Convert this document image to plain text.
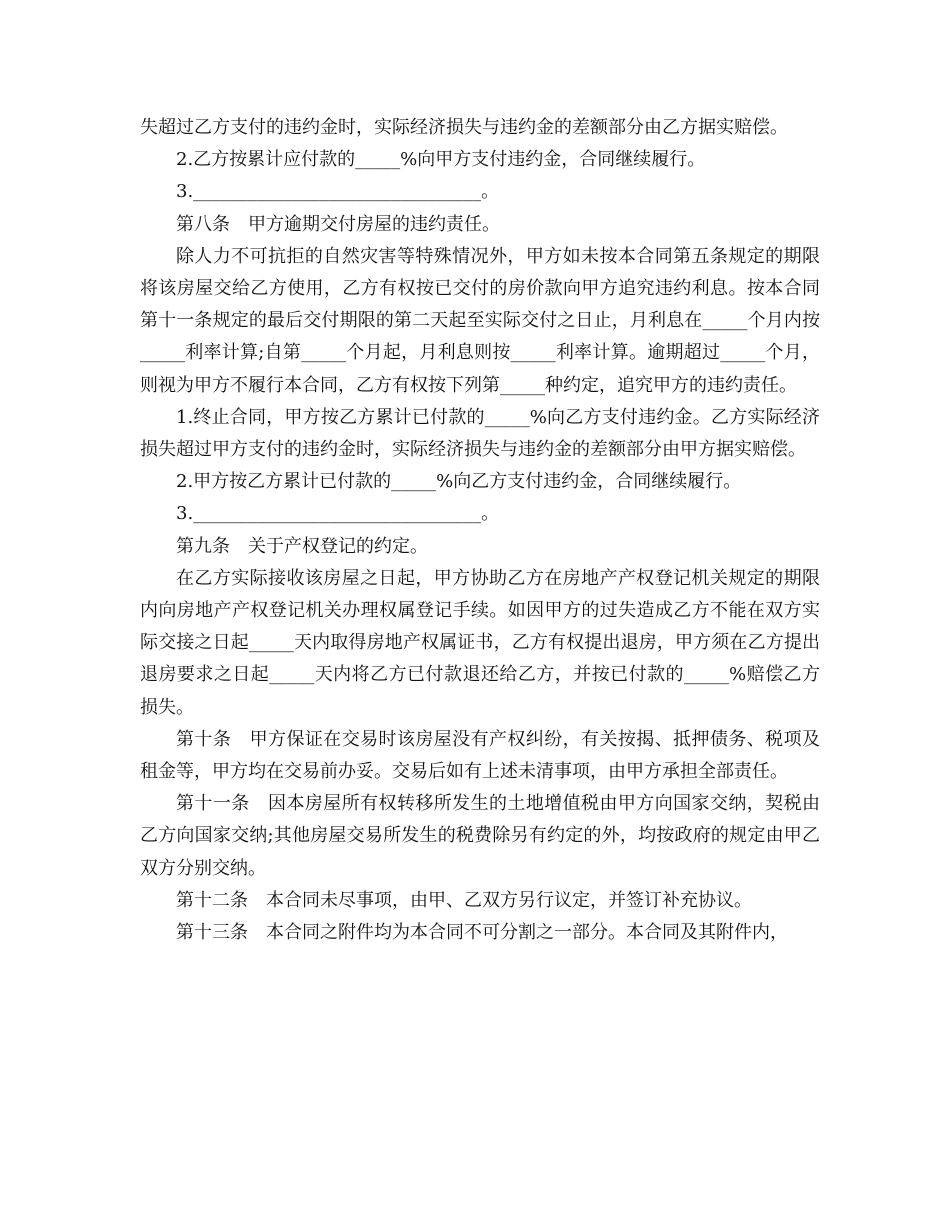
失超过乙方支付的违约金时，实际经济损失与违约金的差额部分由乙方据实赔偿。

2.乙方按累计应付款的_____%向甲方支付违约金，合同继续履行。

3.________________________________。

第八条　甲方逾期交付房屋的违约责任。

除人力不可抗拒的自然灾害等特殊情况外，甲方如未按本合同第五条规定的期限将该房屋交给乙方使用，乙方有权按已交付的房价款向甲方追究违约利息。按本合同第十一条规定的最后交付期限的第二天起至实际交付之日止，月利息在_____个月内按_____利率计算;自第_____个月起，月利息则按_____利率计算。逾期超过_____个月，则视为甲方不履行本合同，乙方有权按下列第_____种约定，追究甲方的违约责任。

1.终止合同，甲方按乙方累计已付款的_____%向乙方支付违约金。乙方实际经济损失超过甲方支付的违约金时，实际经济损失与违约金的差额部分由甲方据实赔偿。

2.甲方按乙方累计已付款的_____%向乙方支付违约金，合同继续履行。

3.________________________________。

第九条　关于产权登记的约定。

在乙方实际接收该房屋之日起，甲方协助乙方在房地产产权登记机关规定的期限内向房地产产权登记机关办理权属登记手续。如因甲方的过失造成乙方不能在双方实际交接之日起_____天内取得房地产权属证书，乙方有权提出退房，甲方须在乙方提出退房要求之日起_____天内将乙方已付款退还给乙方，并按已付款的_____%赔偿乙方损失。

第十条　甲方保证在交易时该房屋没有产权纠纷，有关按揭、抵押债务、税项及租金等，甲方均在交易前办妥。交易后如有上述未清事项，由甲方承担全部责任。

第十一条　因本房屋所有权转移所发生的土地增值税由甲方向国家交纳，契税由乙方向国家交纳;其他房屋交易所发生的税费除另有约定的外，均按政府的规定由甲乙双方分别交纳。

第十二条　本合同未尽事项，由甲、乙双方另行议定，并签订补充协议。

第十三条　本合同之附件均为本合同不可分割之一部分。本合同及其附件内，
